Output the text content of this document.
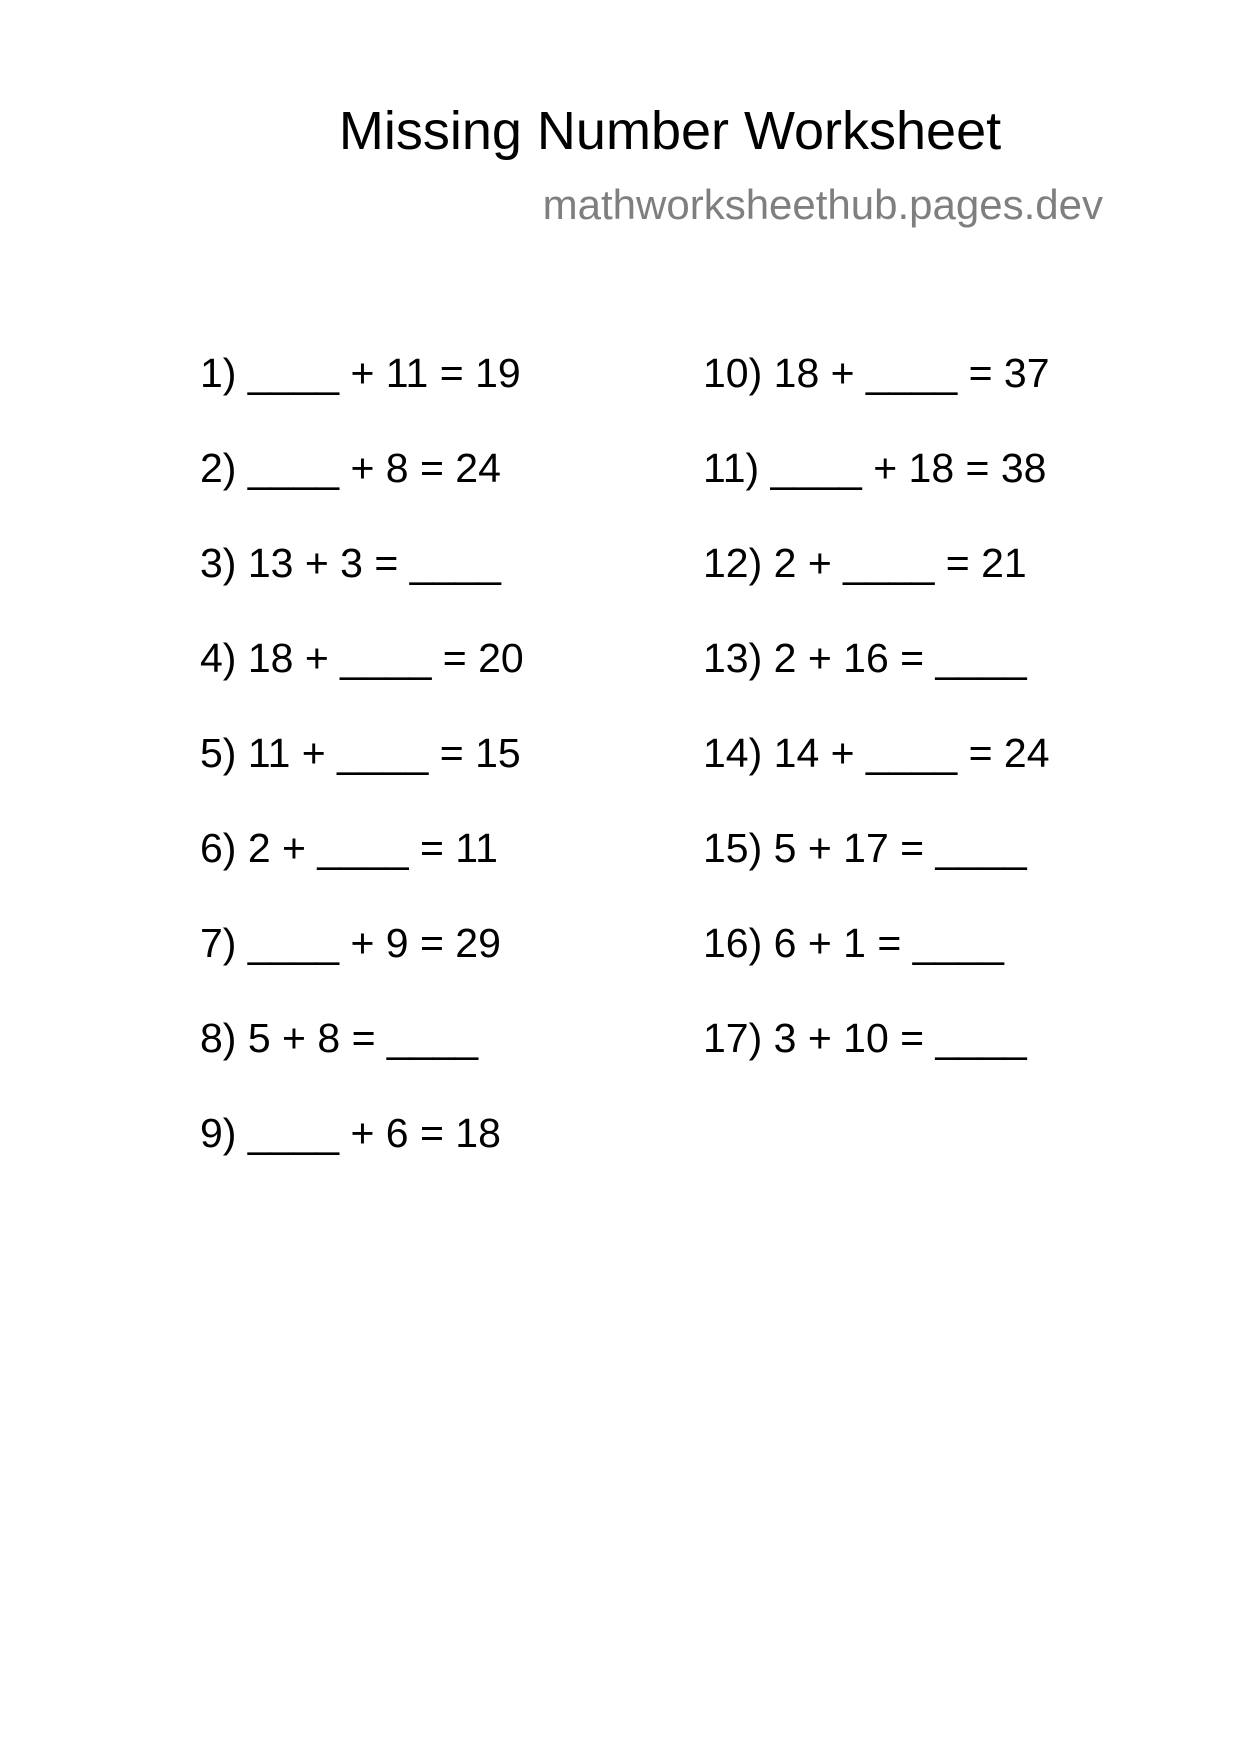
Missing Number Worksheet
mathworksheethub.pages.dev
1) ____ + 11 = 19
2) ____ + 8 = 24
3) 13 + 3 = ____
4) 18 + ____ = 20
5) 11 + ____ = 15
6) 2 + ____ = 11
7) ____ + 9 = 29
8) 5 + 8 = ____
9) ____ + 6 = 18
10) 18 + ____ = 37
11) ____ + 18 = 38
12) 2 + ____ = 21
13) 2 + 16 = ____
14) 14 + ____ = 24
15) 5 + 17 = ____
16) 6 + 1 = ____
17) 3 + 10 = ____
